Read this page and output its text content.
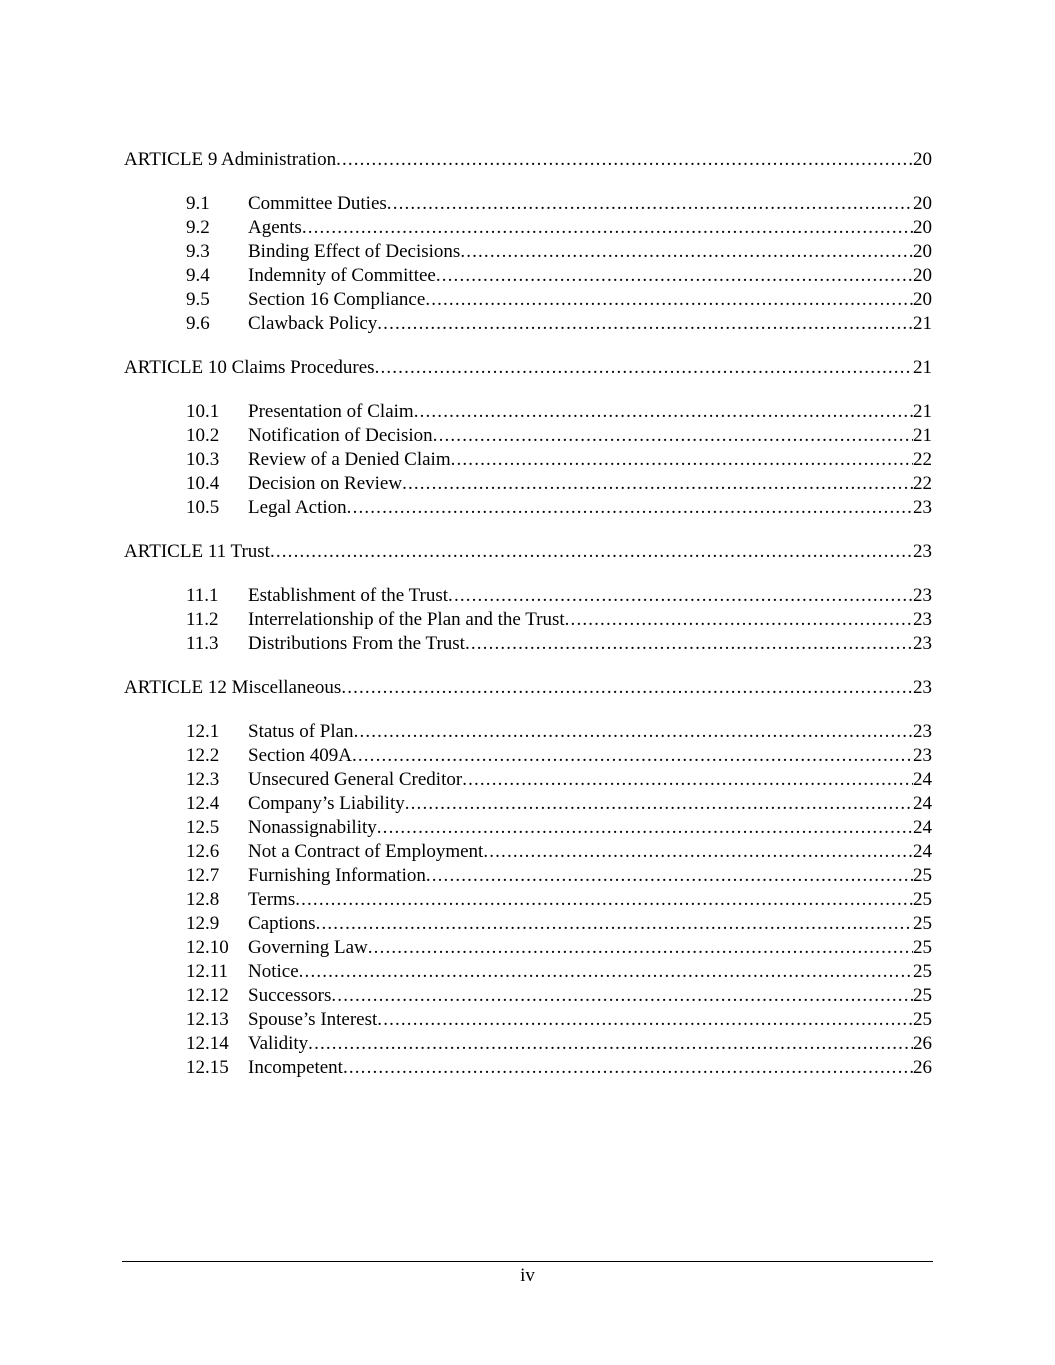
ARTICLE 9 Administration . . .	20
9.1	Committee Duties . . .	20
9.2	Agents . . .	20
9.3	Binding Effect of Decisions . . .	20
9.4	Indemnity of Committee . . .	20
9.5	Section 16 Compliance . . .	20
9.6	Clawback Policy . . .	21
ARTICLE 10 Claims Procedures . . .	21
10.1	Presentation of Claim . . .	21
10.2	Notification of Decision . . .	21
10.3	Review of a Denied Claim . . .	22
10.4	Decision on Review . . .	22
10.5	Legal Action . . .	23
ARTICLE 11 Trust . . .	23
11.1	Establishment of the Trust . . .	23
11.2	Interrelationship of the Plan and the Trust . . .	23
11.3	Distributions From the Trust . . .	23
ARTICLE 12 Miscellaneous . . .	23
12.1	Status of Plan . . .	23
12.2	Section 409A . . .	23
12.3	Unsecured General Creditor . . .	24
12.4	Company’s Liability . . .	24
12.5	Nonassignability . . .	24
12.6	Not a Contract of Employment . . .	24
12.7	Furnishing Information . . .	25
12.8	Terms . . .	25
12.9	Captions . . .	25
12.10	Governing Law . . .	25
12.11	Notice . . .	25
12.12	Successors . . .	25
12.13	Spouse’s Interest . . .	25
12.14	Validity . . .	26
12.15	Incompetent . . .	26
iv
